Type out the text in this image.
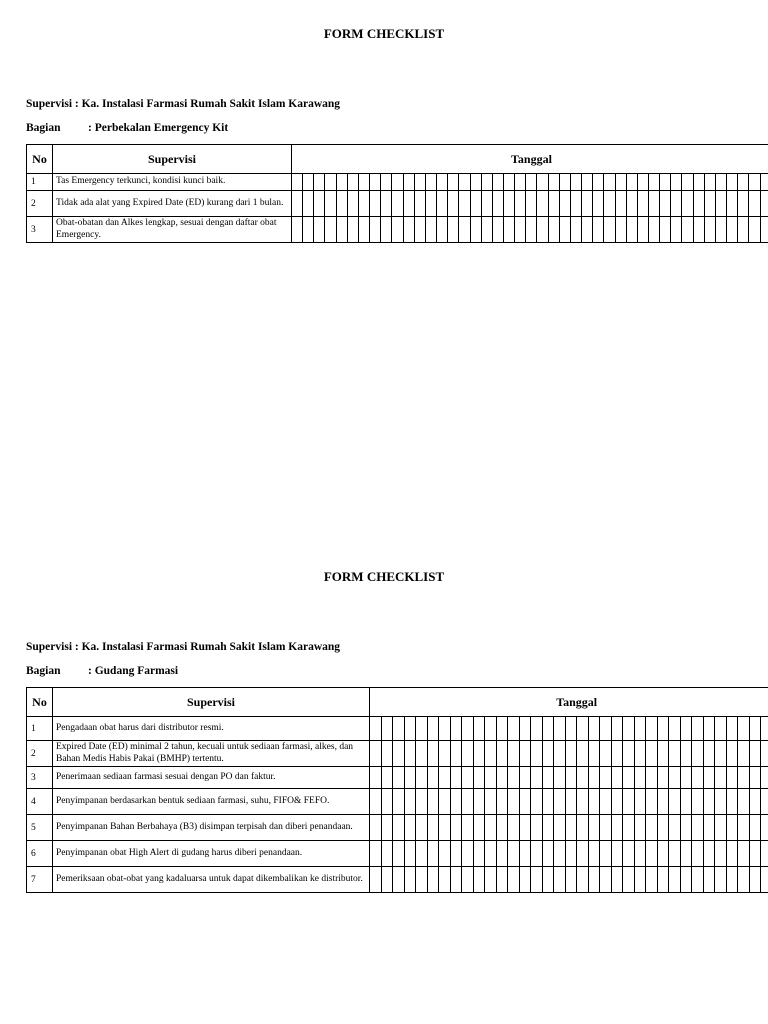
FORM CHECKLIST
Supervisi : Ka. Instalasi Farmasi Rumah Sakit Islam Karawang
Bagian : Perbekalan Emergency Kit
No	Supervisi	Tanggal																																										
1	Tas Emergency terkunci, kondisi kunci baik.																																											
2	Tidak ada alat yang Expired Date (ED) kurang dari 1 bulan.																																											
3	Obat-obatan dan Alkes lengkap, sesuai dengan daftar obat Emergency.																																											
FORM CHECKLIST
Supervisi : Ka. Instalasi Farmasi Rumah Sakit Islam Karawang
Bagian : Gudang Farmasi
No	Supervisi	Tanggal																																			
1	Pengadaan obat harus dari distributor resmi.																																				
2	Expired Date (ED) minimal 2 tahun, kecuali untuk sediaan farmasi, alkes, dan Bahan Medis Habis Pakai (BMHP) tertentu.																																				
3	Penerimaan sediaan farmasi sesuai dengan PO dan faktur.																																				
4	Penyimpanan berdasarkan bentuk sediaan farmasi, suhu, FIFO& FEFO.																																				
5	Penyimpanan Bahan Berbahaya (B3) disimpan terpisah dan diberi penandaan.																																				
6	Penyimpanan obat High Alert di gudang harus diberi penandaan.																																				
7	Pemeriksaan obat-obat yang kadaluarsa untuk dapat dikembalikan ke distributor.																																				
